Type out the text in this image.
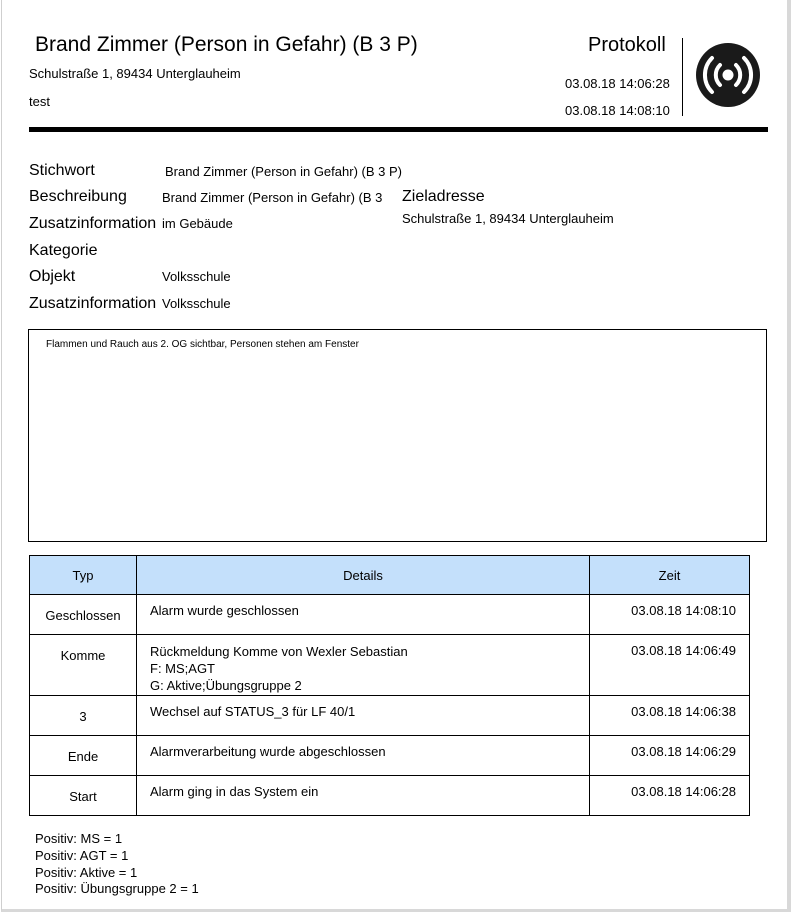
Brand Zimmer (Person in Gefahr) (B 3 P)
Schulstraße 1, 89434 Unterglauheim
test
Protokoll
03.08.18 14:06:28
03.08.18 14:08:10
Stichwort	Brand Zimmer (Person in Gefahr) (B 3 P)
Beschreibung	Brand Zimmer (Person in Gefahr) (B 3 Zieladresse
Schulstraße 1, 89434 Unterglauheim
Zusatzinformation im Gebäude
Kategorie
Objekt	Volksschule
Zusatzinformation Volksschule
Flammen und Rauch aus 2. OG sichtbar, Personen stehen am Fenster
Typ	Details	Zeit
Geschlossen	Alarm wurde geschlossen	03.08.18 14:08:10
Komme	Rückmeldung Komme von Wexler Sebastian
F: MS;AGT
G: Aktive;Übungsgruppe 2	03.08.18 14:06:49
3	Wechsel auf STATUS_3 für LF 40/1	03.08.18 14:06:38
Ende	Alarmverarbeitung wurde abgeschlossen	03.08.18 14:06:29
Start	Alarm ging in das System ein	03.08.18 14:06:28
Positiv: MS = 1
Positiv: AGT = 1
Positiv: Aktive = 1
Positiv: Übungsgruppe 2 = 1
